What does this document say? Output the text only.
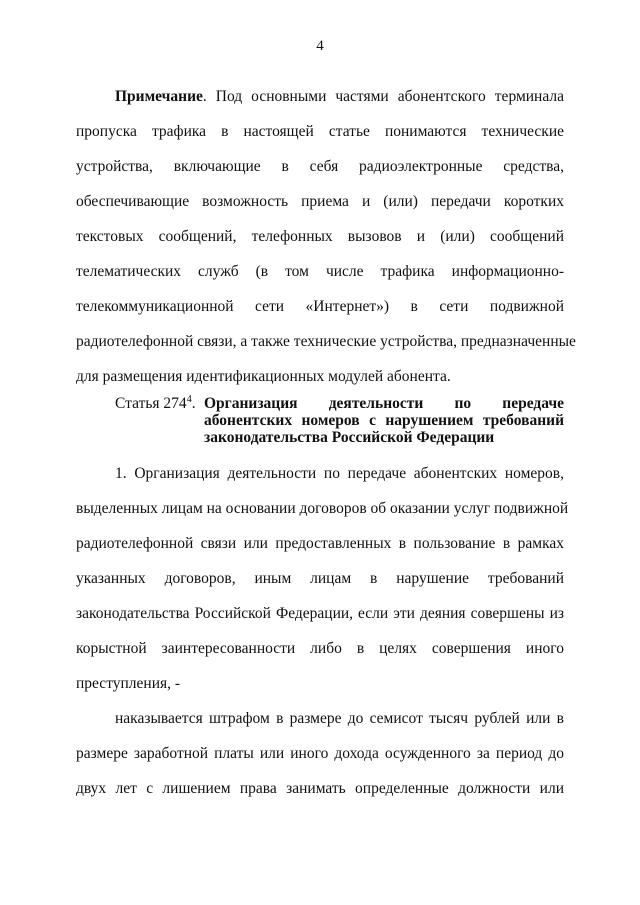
4
Примечание. Под основными частями абонентского терминала
пропуска трафика в настоящей статье понимаются технические
устройства, включающие в себя радиоэлектронные средства,
обеспечивающие возможность приема и (или) передачи коротких
текстовых сообщений, телефонных вызовов и (или) сообщений
телематических служб (в том числе трафика информационно-
телекоммуникационной сети «Интернет») в сети подвижной
радиотелефонной связи, а также технические устройства, предназначенные
для размещения идентификационных модулей абонента.
Статья $274^4$. Организация деятельности по передаче
абонентских номеров с нарушением требований
законодательства Российской Федерации
1. Организация деятельности по передаче абонентских номеров,
выделенных лицам на основании договоров об оказании услуг подвижной
радиотелефонной связи или предоставленных в пользование в рамках
указанных договоров, иным лицам в нарушение требований
законодательства Российской Федерации, если эти деяния совершены из
корыстной заинтересованности либо в целях совершения иного
преступления, -
наказывается штрафом в размере до семисот тысяч рублей или в
размере заработной платы или иного дохода осужденного за период до
двух лет с лишением права занимать определенные должности или
